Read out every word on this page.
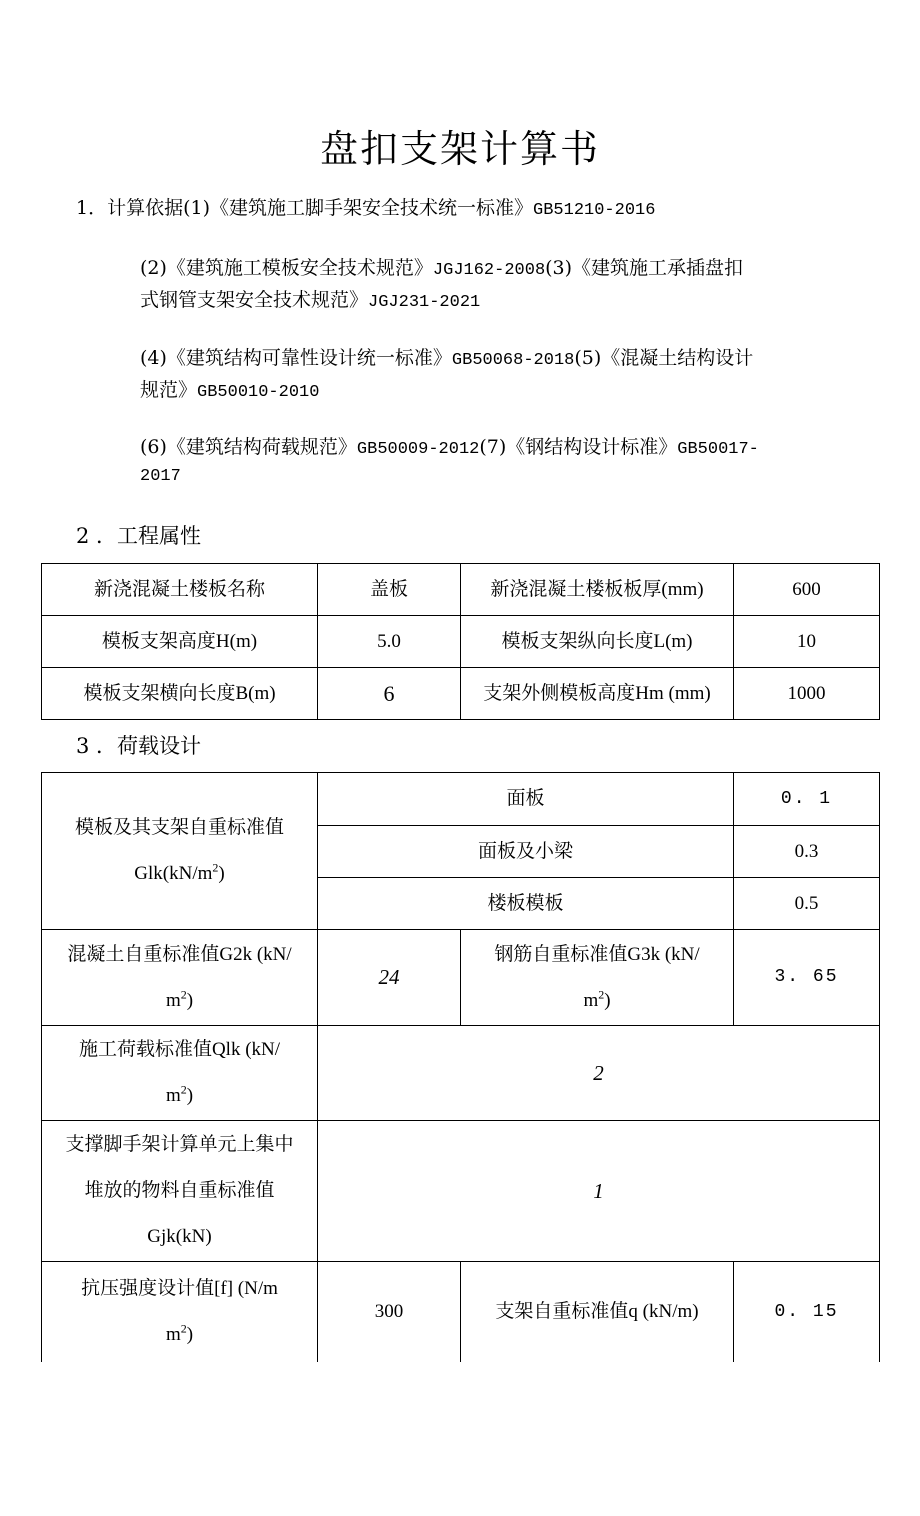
盘扣支架计算书
1．计算依据(1)《建筑施工脚手架安全技术统一标准》GB51210-2016
(2)《建筑施工模板安全技术规范》JGJ162-2008(3)《建筑施工承插盘扣
式钢管支架安全技术规范》JGJ231-2021
(4)《建筑结构可靠性设计统一标准》GB50068-2018(5)《混凝土结构设计
规范》GB50010-2010
(6)《建筑结构荷载规范》GB50009-2012(7)《钢结构设计标准》GB50017-
2017
2 ．工程属性
新浇混凝土楼板名称	盖板	新浇混凝土楼板板厚(mm)	600
模板支架高度H(m)	5.0	模板支架纵向长度L(m)	10
模板支架横向长度B(m)	6	支架外侧模板高度Hm (mm)	1000
3 ．荷载设计
模板及其支架自重标准值
$Glk(kN/m^2)$	面板		0. 1
	面板及小梁		0.3
	楼板模板		0.5
混凝土自重标准值G2k (kN/
$m^2$)	24	钢筋自重标准值G3k (kN/
$m^2$)	3. 65
施工荷载标准值Qlk (kN/
$m^2$)	2		
支撑脚手架计算单元上集中
堆放的物料自重标准值
Gjk(kN)	1		
抗压强度设计值[f] (N/m
$m^2$)	300	支架自重标准值q (kN/m)	0. 15
